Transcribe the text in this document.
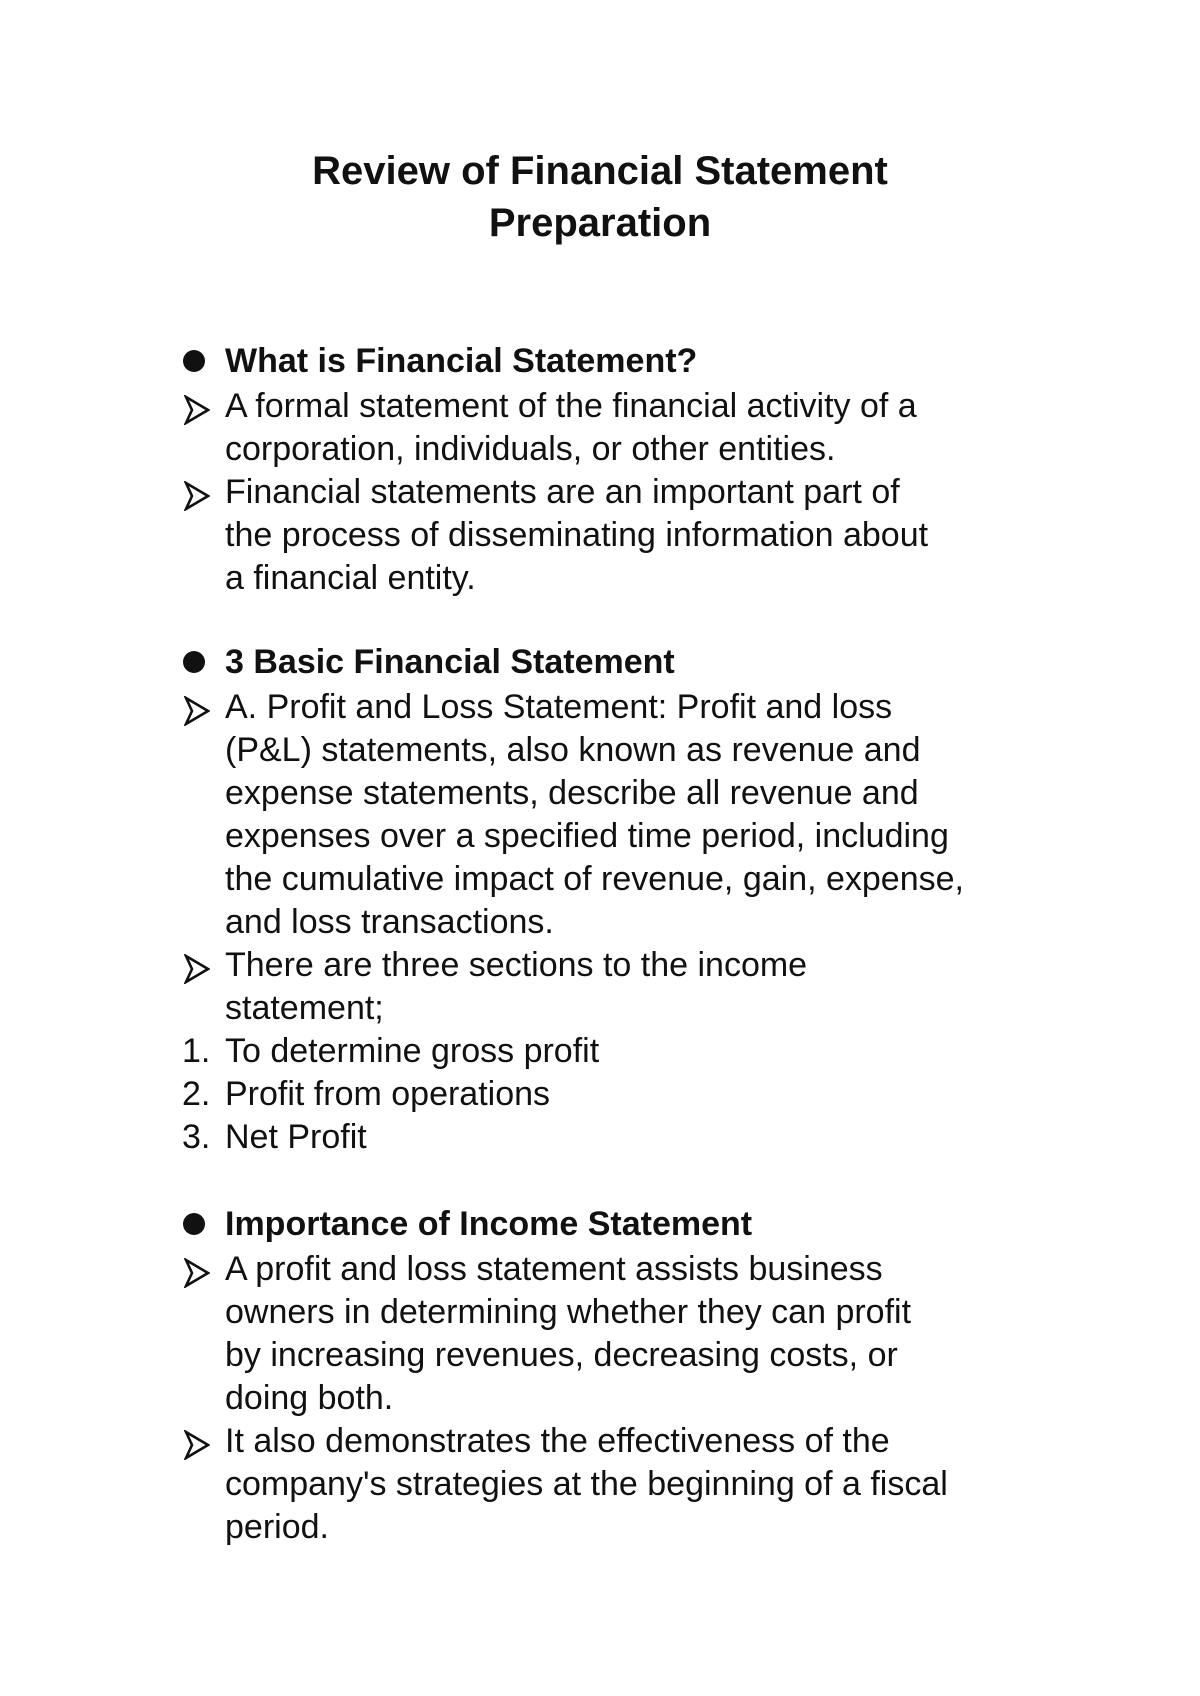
Review of Financial Statement
Preparation
What is Financial Statement?
A formal statement of the financial activity of a
corporation, individuals, or other entities.
Financial statements are an important part of
the process of disseminating information about
a financial entity.
3 Basic Financial Statement
A. Profit and Loss Statement: Profit and loss
(P&L) statements, also known as revenue and
expense statements, describe all revenue and
expenses over a specified time period, including
the cumulative impact of revenue, gain, expense,
and loss transactions.
There are three sections to the income
statement;
1. To determine gross profit
2. Profit from operations
3. Net Profit
Importance of Income Statement
A profit and loss statement assists business
owners in determining whether they can profit
by increasing revenues, decreasing costs, or
doing both.
It also demonstrates the effectiveness of the
company's strategies at the beginning of a fiscal
period.
